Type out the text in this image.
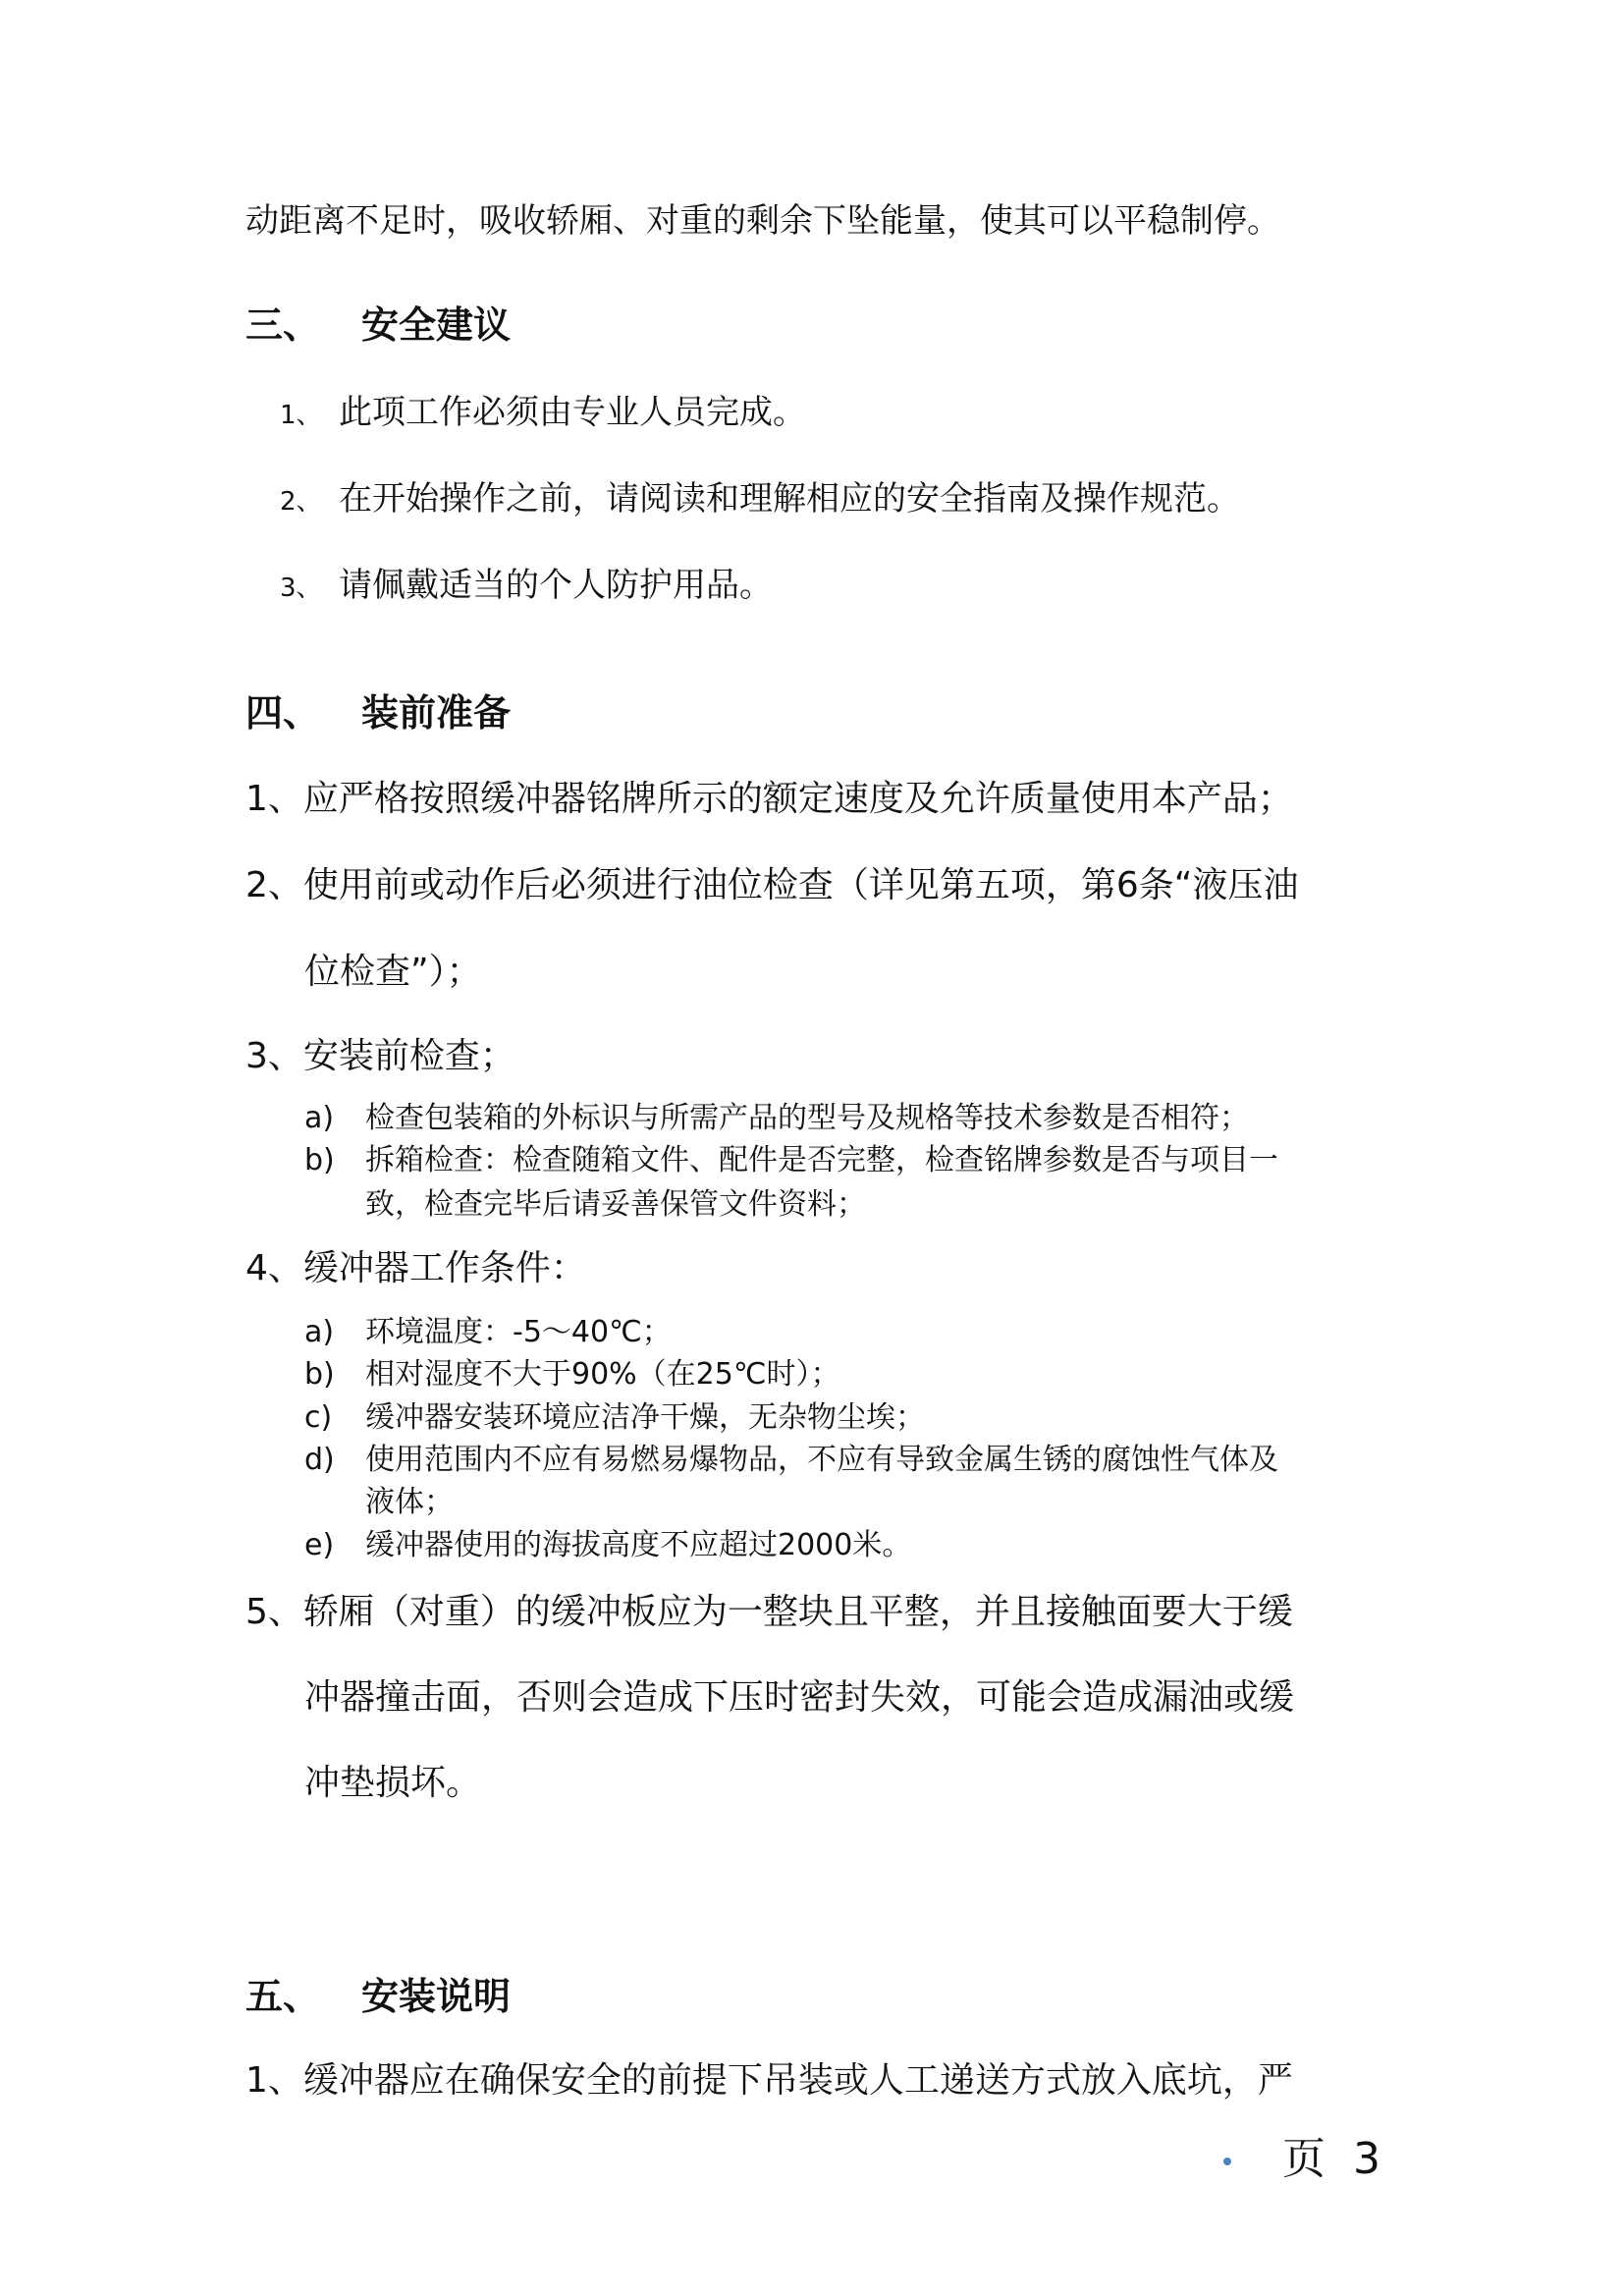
动距离不足时，吸收轿厢、对重的剩余下坠能量，使其可以平稳制停。
三、 安全建议
1、 此项工作必须由专业人员完成。
2、 在开始操作之前，请阅读和理解相应的安全指南及操作规范。
3、 请佩戴适当的个人防护用品。
四、 装前准备
1、应严格按照缓冲器铭牌所示的额定速度及允许质量使用本产品；
2、使用前或动作后必须进行油位检查（详见第五项，第6条“液压油
位检查”）；
3、安装前检查；
a) 检查包装箱的外标识与所需产品的型号及规格等技术参数是否相符；
b) 拆箱检查：检查随箱文件、配件是否完整，检查铭牌参数是否与项目一
致，检查完毕后请妥善保管文件资料；
4、缓冲器工作条件：
a) 环境温度：-5～40℃；
b) 相对湿度不大于90%（在25℃时）；
c) 缓冲器安装环境应洁净干燥，无杂物尘埃；
d) 使用范围内不应有易燃易爆物品，不应有导致金属生锈的腐蚀性气体及
液体；
e) 缓冲器使用的海拔高度不应超过2000米。
5、轿厢（对重）的缓冲板应为一整块且平整，并且接触面要大于缓
冲器撞击面，否则会造成下压时密封失效，可能会造成漏油或缓
冲垫损坏。
五、 安装说明
1、缓冲器应在确保安全的前提下吊装或人工递送方式放入底坑，严
页 3
